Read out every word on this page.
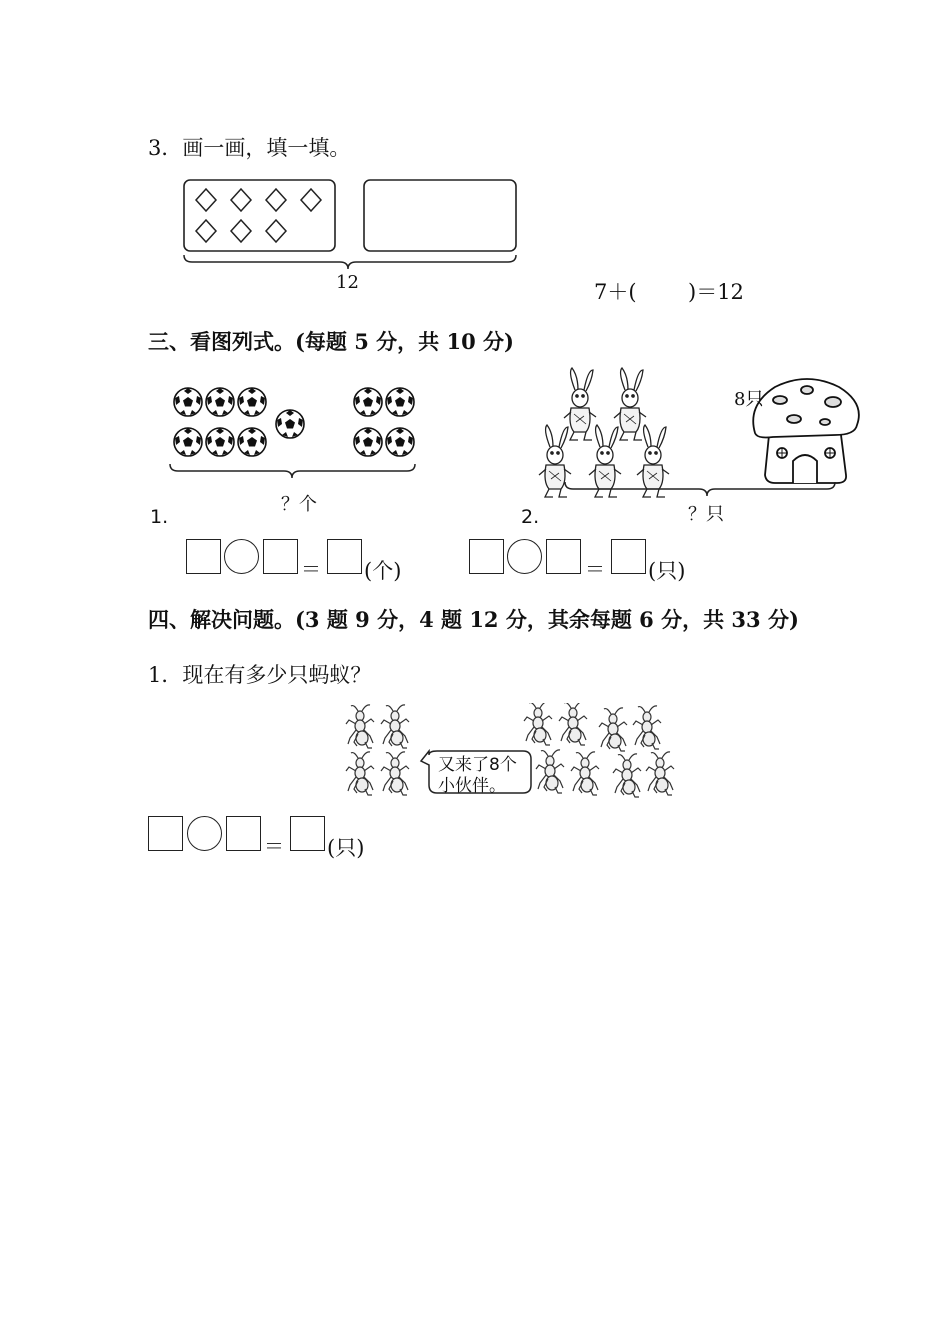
3．画一画，填一填。
12	7＋( )＝12
三、看图列式。(每题 5 分，共 10 分)
？个
1.
＝ (个)
8只
？只
2.
＝ (只)
四、解决问题。(3 题 9 分，4 题 12 分，其余每题 6 分，共 33 分)
1．现在有多少只蚂蚁？
又来了8个
小伙伴。
＝ (只)
